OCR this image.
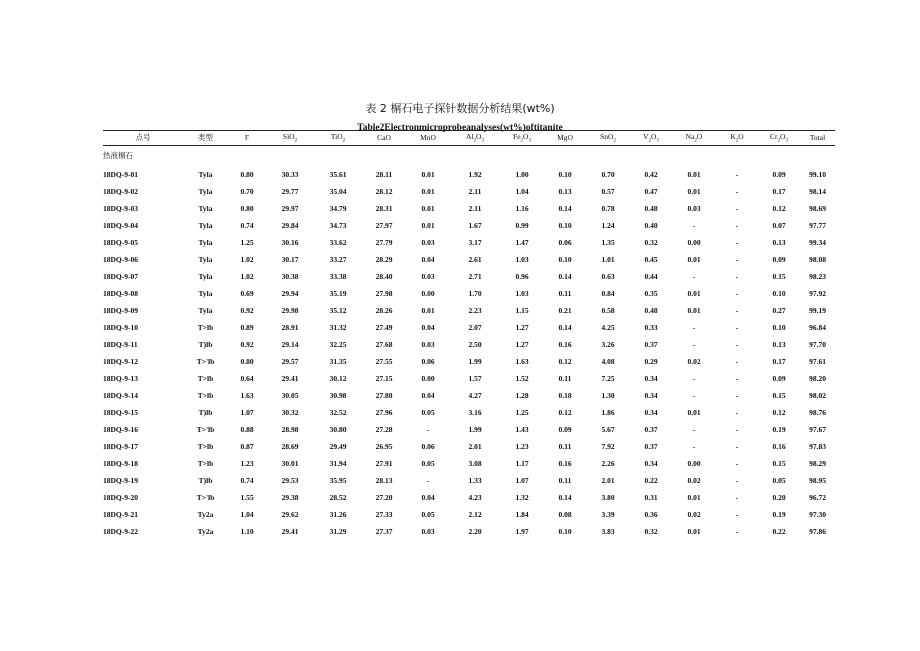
表 2 榍石电子探针数据分析结果(wt%)
Table2Electronmicroprobeanalyses(wt%)oftitanite
点号	类型	F	SiO$_2$	TiO$_2$	CaO	MnO	$Al_2O_3$	$Fe_2O_3$	MgO	SnO$_2$	$V_2O_3$	$Na_2O$	$K_2O$	$Cr_2O_3$	Total
热液榍石															
18DQ-9-01	Tyla	0.80	30.33	35.61	28.11	0.01	1.92	1.00	0.10	0.70	0.42	0.01	-	0.09	99.10
18DQ-9-02	Tyla	0.70	29.77	35.04	28.12	0.01	2.11	1.04	0.13	0.57	0.47	0.01	-	0.17	98.14
18DQ-9-03	Tyla	0.80	29.97	34.79	28.31	0.01	2.11	1.16	0.14	0.78	0.48	0.03	-	0.12	98.69
18DQ-9-04	Tyla	0.74	29.84	34.73	27.97	0.01	1.67	0.99	0.10	1.24	0.40	-	-	0.07	97.77
18DQ-9-05	Tyla	1.25	30.16	33.62	27.79	0.03	3.17	1.47	0.06	1.35	0.32	0.00	-	0.13	99.34
18DQ-9-06	Tyla	1.02	30.17	33.27	28.29	0.04	2.61	1.03	0.10	1.01	0.45	0.01	-	0.09	98.08
18DQ-9-07	Tyla	1.02	30.38	33.38	28.40	0.03	2.71	0.96	0.14	0.63	0.44	-	-	0.15	98.23
18DQ-9-08	Tyla	0.69	29.94	35.19	27.98	0.00	1.70	1.03	0.11	0.84	0.35	0.01	-	0.10	97.92
18DQ-9-09	Tyla	0.92	29.98	35.12	28.26	0.01	2.23	1.15	0.21	0.58	0.48	0.01	-	0.27	99.19
18DQ-9-10	T>lb	0.89	28.91	31.32	27.49	0.04	2.07	1.27	0.14	4.25	0.33	-	-	0.10	96.84
18DQ-9-11	T)lb	0.92	29.14	32.25	27.68	0.03	2.50	1.27	0.16	3.26	0.37	-	-	0.13	97.70
18DQ-9-12	T>'lb	0.80	29.57	31.35	27.55	0.06	1.99	1.63	0.12	4.08	0.29	0.02	-	0.17	97.61
18DQ-9-13	T>lb	0.64	29.41	30.12	27.15	0.00	1.57	1.52	0.11	7.25	0.34	-	-	0.09	98.20
18DQ-9-14	T>lb	1.63	30.05	30.98	27.80	0.04	4.27	1.28	0.18	1.30	0.34	-	-	0.15	98.02
18DQ-9-15	T)lb	1.07	30.32	32.52	27.96	0.05	3.16	1.25	0.12	1.86	0.34	0.01	-	0.12	98.76
18DQ-9-16	T>'lb	0.88	28.98	30.80	27.28	-	1.99	1.43	0.09	5.67	0.37	-	-	0.19	97.67
18DQ-9-17	T>lb	0.87	28.69	29.49	26.95	0.06	2.01	1.23	0.11	7.92	0.37	-	-	0.16	97.83
18DQ-9-18	T>lb	1.23	30.01	31.94	27.91	0.05	3.08	1.17	0.16	2.26	0.34	0.00	-	0.15	98.29
18DQ-9-19	T)lb	0.74	29.53	35.95	28.13	-	1.33	1.07	0.11	2.01	0.22	0.02	-	0.05	98.95
18DQ-9-20	T>'lb	1.55	29.38	28.52	27.20	0.04	4.23	1.32	0.14	3.80	0.31	0.01	-	0.20	96.72
18DQ-9-21	Ty2a	1.04	29.62	31.26	27.33	0.05	2.12	1.84	0.08	3.39	0.36	0.02	-	0.19	97.30
18DQ-9-22	Ty2a	1.10	29.41	31.29	27.37	0.03	2.20	1.97	0.10	3.83	0.32	0.01	-	0.22	97.86
